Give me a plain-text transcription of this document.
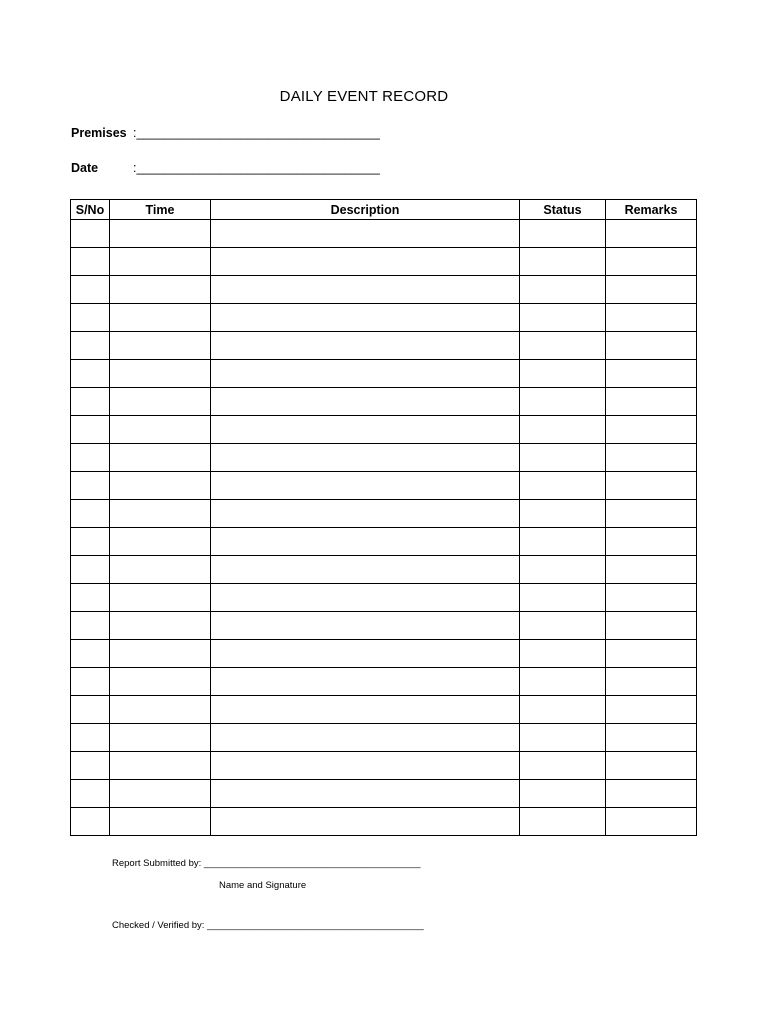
DAILY EVENT RECORD
Premises :___________________________________
Date	:___________________________________
S/No	Time	Description	Status	Remarks

Report Submitted by: _________________________________________
Name and Signature
Checked / Verified by: _________________________________________
